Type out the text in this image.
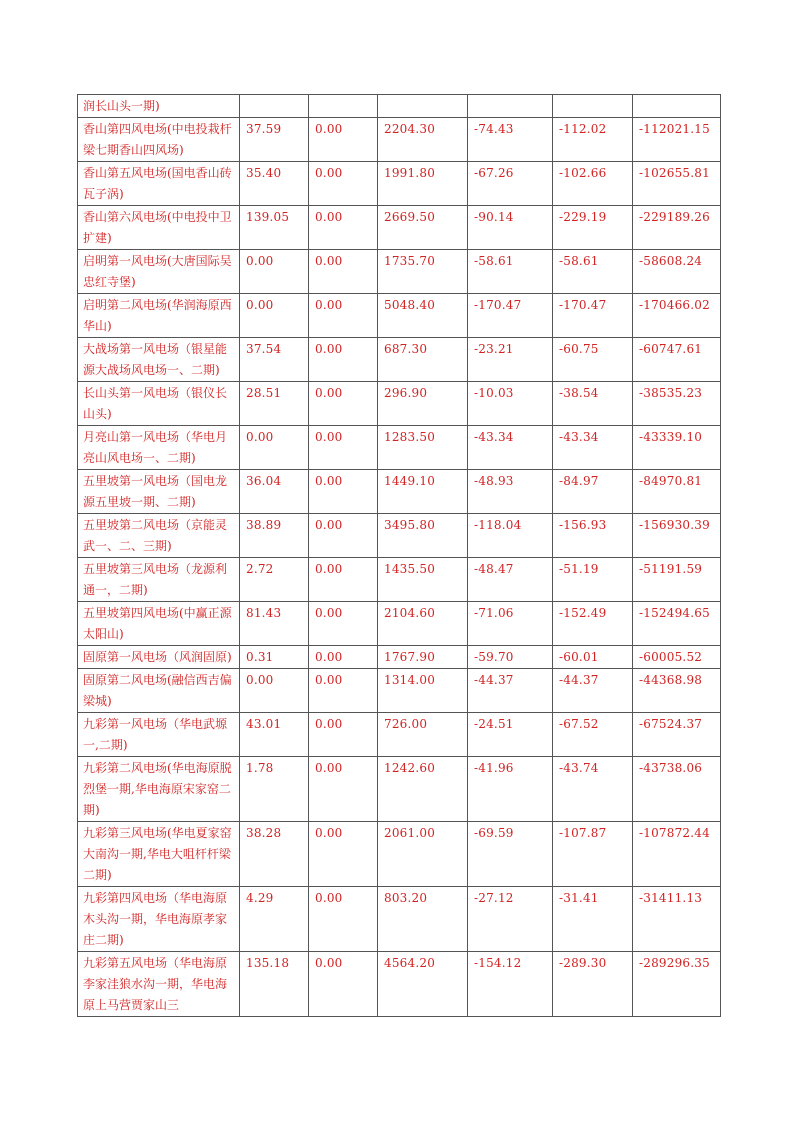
润长山头一期)						
香山第四风电场(中电投栽杆梁七期香山四风场)	37.59	0.00	2204.30	-74.43	-112.02	-112021.15
香山第五风电场(国电香山砖瓦子涡)	35.40	0.00	1991.80	-67.26	-102.66	-102655.81
香山第六风电场(中电投中卫扩建)	139.05	0.00	2669.50	-90.14	-229.19	-229189.26
启明第一风电场(大唐国际吴忠红寺堡)	0.00	0.00	1735.70	-58.61	-58.61	-58608.24
启明第二风电场(华润海原西华山)	0.00	0.00	5048.40	-170.47	-170.47	-170466.02
大战场第一风电场（银星能源大战场风电场一、二期)	37.54	0.00	687.30	-23.21	-60.75	-60747.61
长山头第一风电场（银仪长山头)	28.51	0.00	296.90	-10.03	-38.54	-38535.23
月亮山第一风电场（华电月亮山风电场一、二期)	0.00	0.00	1283.50	-43.34	-43.34	-43339.10
五里坡第一风电场（国电龙源五里坡一期、二期)	36.04	0.00	1449.10	-48.93	-84.97	-84970.81
五里坡第二风电场（京能灵武一、二、三期)	38.89	0.00	3495.80	-118.04	-156.93	-156930.39
五里坡第三风电场（龙源利通一，二期)	2.72	0.00	1435.50	-48.47	-51.19	-51191.59
五里坡第四风电场(中赢正源太阳山)	81.43	0.00	2104.60	-71.06	-152.49	-152494.65
固原第一风电场（风润固原)	0.31	0.00	1767.90	-59.70	-60.01	-60005.52
固原第二风电场(融信西吉偏梁城)	0.00	0.00	1314.00	-44.37	-44.37	-44368.98
九彩第一风电场（华电武塬一,二期)	43.01	0.00	726.00	-24.51	-67.52	-67524.37
九彩第二风电场(华电海原脱烈堡一期,华电海原宋家窑二期)	1.78	0.00	1242.60	-41.96	-43.74	-43738.06
九彩第三风电场(华电夏家窑大南沟一期,华电大咀杆杆梁二期)	38.28	0.00	2061.00	-69.59	-107.87	-107872.44
九彩第四风电场（华电海原木头沟一期，华电海原孝家庄二期)	4.29	0.00	803.20	-27.12	-31.41	-31411.13
九彩第五风电场（华电海原李家洼狼水沟一期，华电海原上马营贾家山三	135.18	0.00	4564.20	-154.12	-289.30	-289296.35
